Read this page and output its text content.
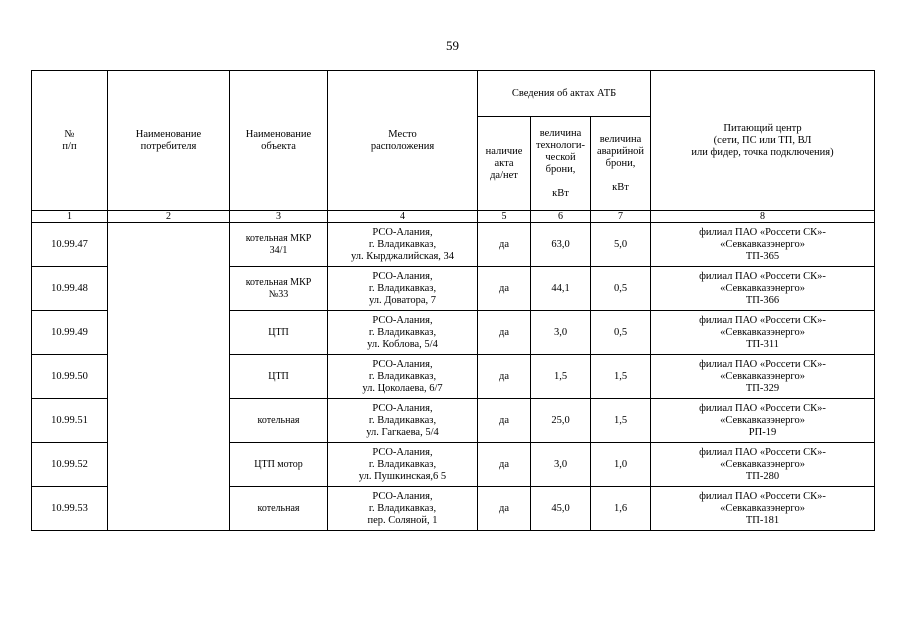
59
№
п/п	Наименование
потребителя	Наименование
объекта	Место
расположения	Сведения об актах АТБ			Питающий центр
(сети, ПС или ТП, ВЛ
или фидер, точка подключения)
				наличие
акта
да/нет	величина
технологи-
ческой
брони,

кВт	величина
аварийной
брони,

кВт	
1	2	3	4	5	6	7	8
10.99.47		котельная МКР
34/1	РСО-Алания,
г. Владикавказ,
ул. Кырджалийская, 34	да	63,0	5,0	филиал ПАО «Россети СК»-
«Севкавказэнерго»
ТП-365
10.99.48		котельная МКР
№33	РСО-Алания,
г. Владикавказ,
ул. Доватора, 7	да	44,1	0,5	филиал ПАО «Россети СК»-
«Севкавказэнерго»
ТП-366
10.99.49		ЦТП	РСО-Алания,
г. Владикавказ,
ул. Коблова, 5/4	да	3,0	0,5	филиал ПАО «Россети СК»-
«Севкавказэнерго»
ТП-311
10.99.50		ЦТП	РСО-Алания,
г. Владикавказ,
ул. Цоколаева, 6/7	да	1,5	1,5	филиал ПАО «Россети СК»-
«Севкавказэнерго»
ТП-329
10.99.51		котельная	РСО-Алания,
г. Владикавказ,
ул. Гагкаева, 5/4	да	25,0	1,5	филиал ПАО «Россети СК»-
«Севкавказэнерго»
РП-19
10.99.52		ЦТП мотор	РСО-Алания,
г. Владикавказ,
ул. Пушкинская,6 5	да	3,0	1,0	филиал ПАО «Россети СК»-
«Севкавказэнерго»
ТП-280
10.99.53		котельная	РСО-Алания,
г. Владикавказ,
пер. Соляной, 1	да	45,0	1,6	филиал ПАО «Россети СК»-
«Севкавказэнерго»
ТП-181
